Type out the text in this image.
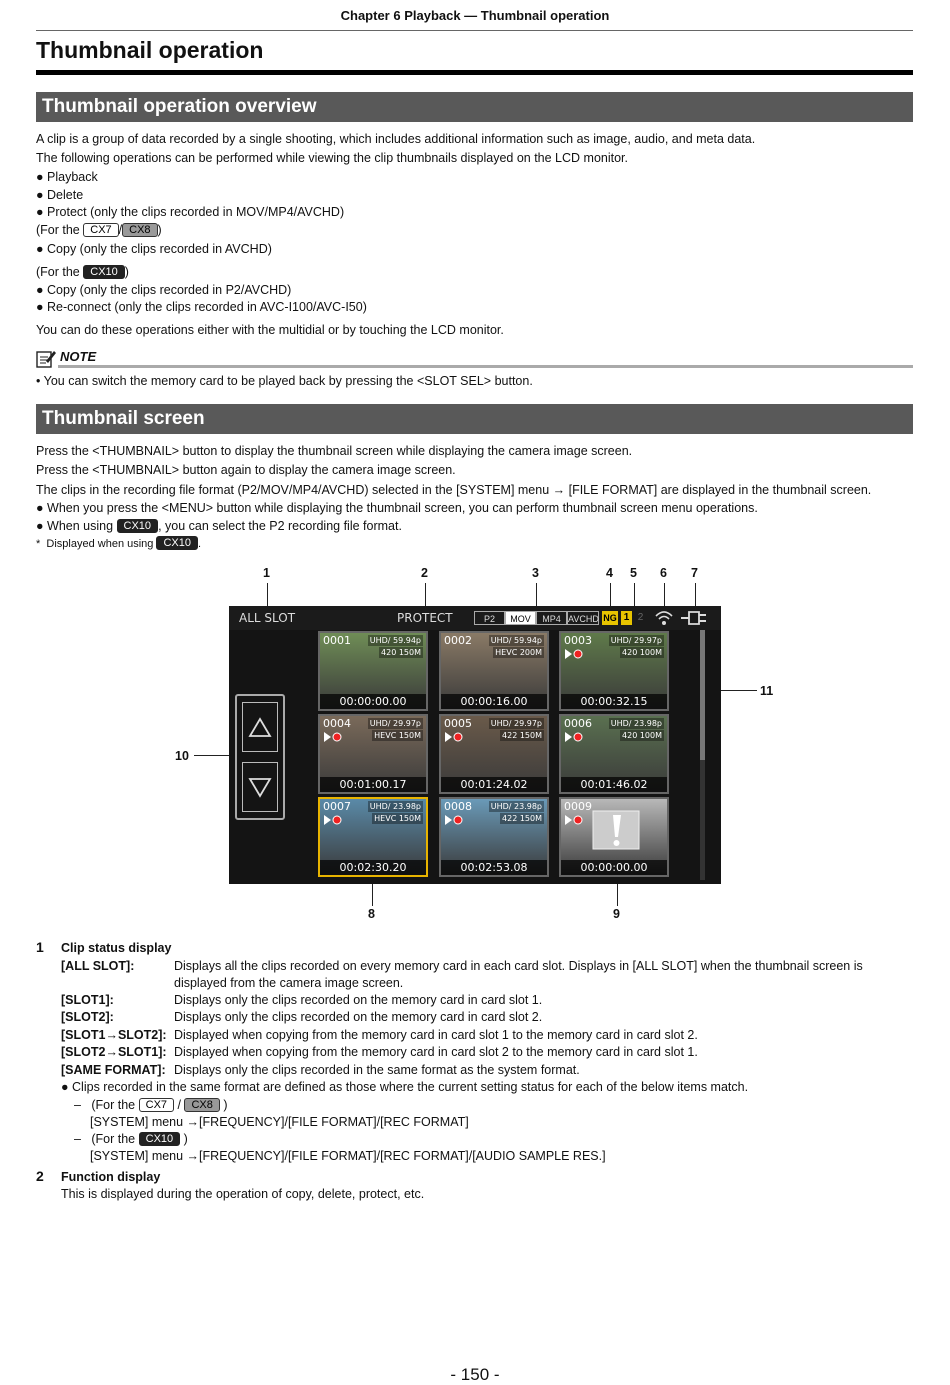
Chapter 6 Playback — Thumbnail operation
Thumbnail operation
Thumbnail operation overview
A clip is a group of data recorded by a single shooting, which includes additional information such as image, audio, and meta data.
The following operations can be performed while viewing the clip thumbnails displayed on the LCD monitor.
● Playback
● Delete
● Protect (only the clips recorded in MOV/MP4/AVCHD)
(For the CX7 / CX8 )
● Copy (only the clips recorded in AVCHD)
(For the CX10 )
● Copy (only the clips recorded in P2/AVCHD)
● Re-connect (only the clips recorded in AVC-I100/AVC-I50)
You can do these operations either with the multidial or by touching the LCD monitor.
NOTE
• You can switch the memory card to be played back by pressing the <SLOT SEL> button.
Thumbnail screen
Press the <THUMBNAIL> button to display the thumbnail screen while displaying the camera image screen.
Press the <THUMBNAIL> button again to display the camera image screen.
The clips in the recording file format (P2/MOV/MP4/AVCHD) selected in the [SYSTEM] menu → [FILE FORMAT] are displayed in the thumbnail screen.
● When you press the <MENU> button while displaying the thumbnail screen, you can perform thumbnail screen menu operations.
● When using CX10 , you can select the P2 recording file format.
*  Displayed when using CX10 .
1	2	3	4 5 6 7
8	9
10
11
ALL SLOT	PROTECT	P2	MOV	MP4 AVCHD NG 1 2
0001 UHD/ 59.94p
420 150M
00:00:00.00
0002 UHD/ 59.94p
HEVC 200M
00:00:16.00
0003 UHD/ 29.97p
420 100M
00:00:32.15
0004 UHD/ 29.97p
HEVC 150M
00:01:00.17
0005 UHD/ 29.97p
422 150M
00:01:24.02
0006 UHD/ 23.98p
420 100M
00:01:46.02
0007 UHD/ 23.98p
HEVC 150M
00:02:30.20
0008 UHD/ 23.98p
422 150M
00:02:53.08
0009
00:00:00.00
1 Clip status display
[ALL SLOT]:	Displays all the clips recorded on every memory card in each card slot. Displays in [ALL SLOT] when the thumbnail screen is
displayed from the camera image screen.
[SLOT1]:	Displays only the clips recorded on the memory card in card slot 1.
[SLOT2]:	Displays only the clips recorded on the memory card in card slot 2.
[SLOT1→SLOT2]: Displayed when copying from the memory card in card slot 1 to the memory card in card slot 2.
[SLOT2→SLOT1]: Displayed when copying from the memory card in card slot 2 to the memory card in card slot 1.
[SAME FORMAT]: Displays only the clips recorded in the same format as the system format.
● Clips recorded in the same format are defined as those where the current setting status for each of the below items match.
– (For the CX7 / CX8 )
[SYSTEM] menu →[FREQUENCY]/[FILE FORMAT]/[REC FORMAT]
– (For the CX10 )
[SYSTEM] menu →[FREQUENCY]/[FILE FORMAT]/[REC FORMAT]/[AUDIO SAMPLE RES.]
2 Function display
This is displayed during the operation of copy, delete, protect, etc.
- 150 -
